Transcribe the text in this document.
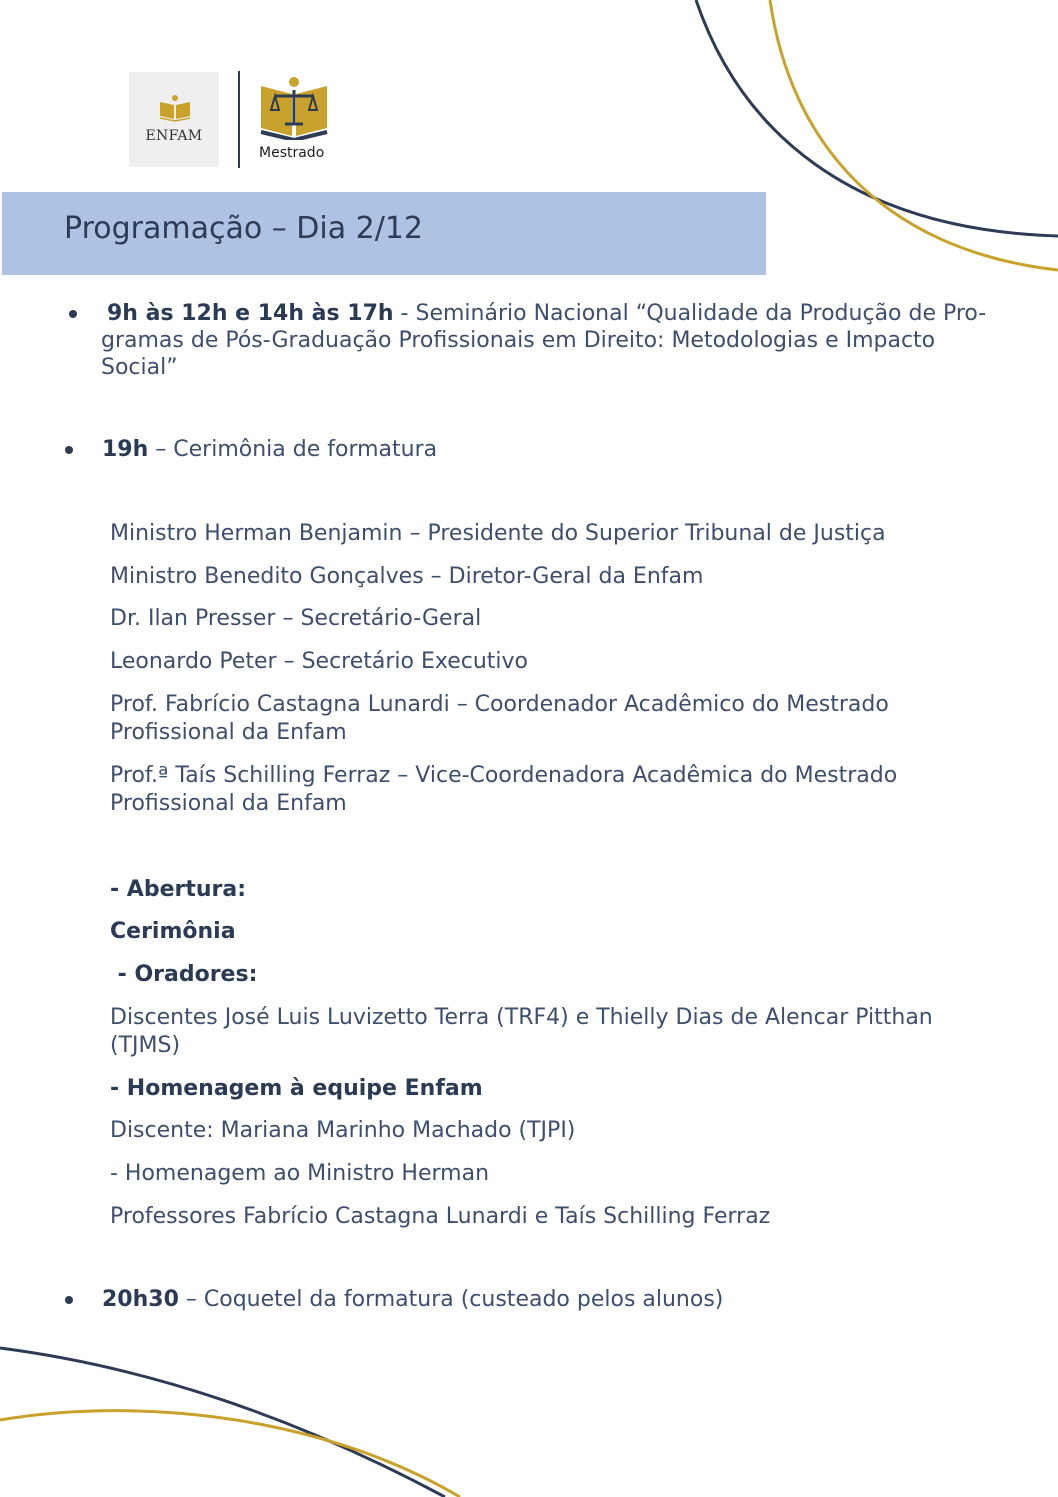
ENFAM
Mestrado
Programação – Dia 2/12
9h às 12h e 14h às 17h - Seminário Nacional “Qualidade da Produção de Pro-
gramas de Pós-Graduação Profissionais em Direito: Metodologias e Impacto
Social”
19h – Cerimônia de formatura
Ministro Herman Benjamin – Presidente do Superior Tribunal de Justiça
Ministro Benedito Gonçalves – Diretor-Geral da Enfam
Dr. Ilan Presser – Secretário-Geral
Leonardo Peter – Secretário Executivo
Prof. Fabrício Castagna Lunardi – Coordenador Acadêmico do Mestrado
Profissional da Enfam
Prof.ª Taís Schilling Ferraz – Vice-Coordenadora Acadêmica do Mestrado
Profissional da Enfam
- Abertura:
Cerimônia
- Oradores:
Discentes José Luis Luvizetto Terra (TRF4) e Thielly Dias de Alencar Pitthan
(TJMS)
- Homenagem à equipe Enfam
Discente: Mariana Marinho Machado (TJPI)
- Homenagem ao Ministro Herman
Professores Fabrício Castagna Lunardi e Taís Schilling Ferraz
20h30 – Coquetel da formatura (custeado pelos alunos)
